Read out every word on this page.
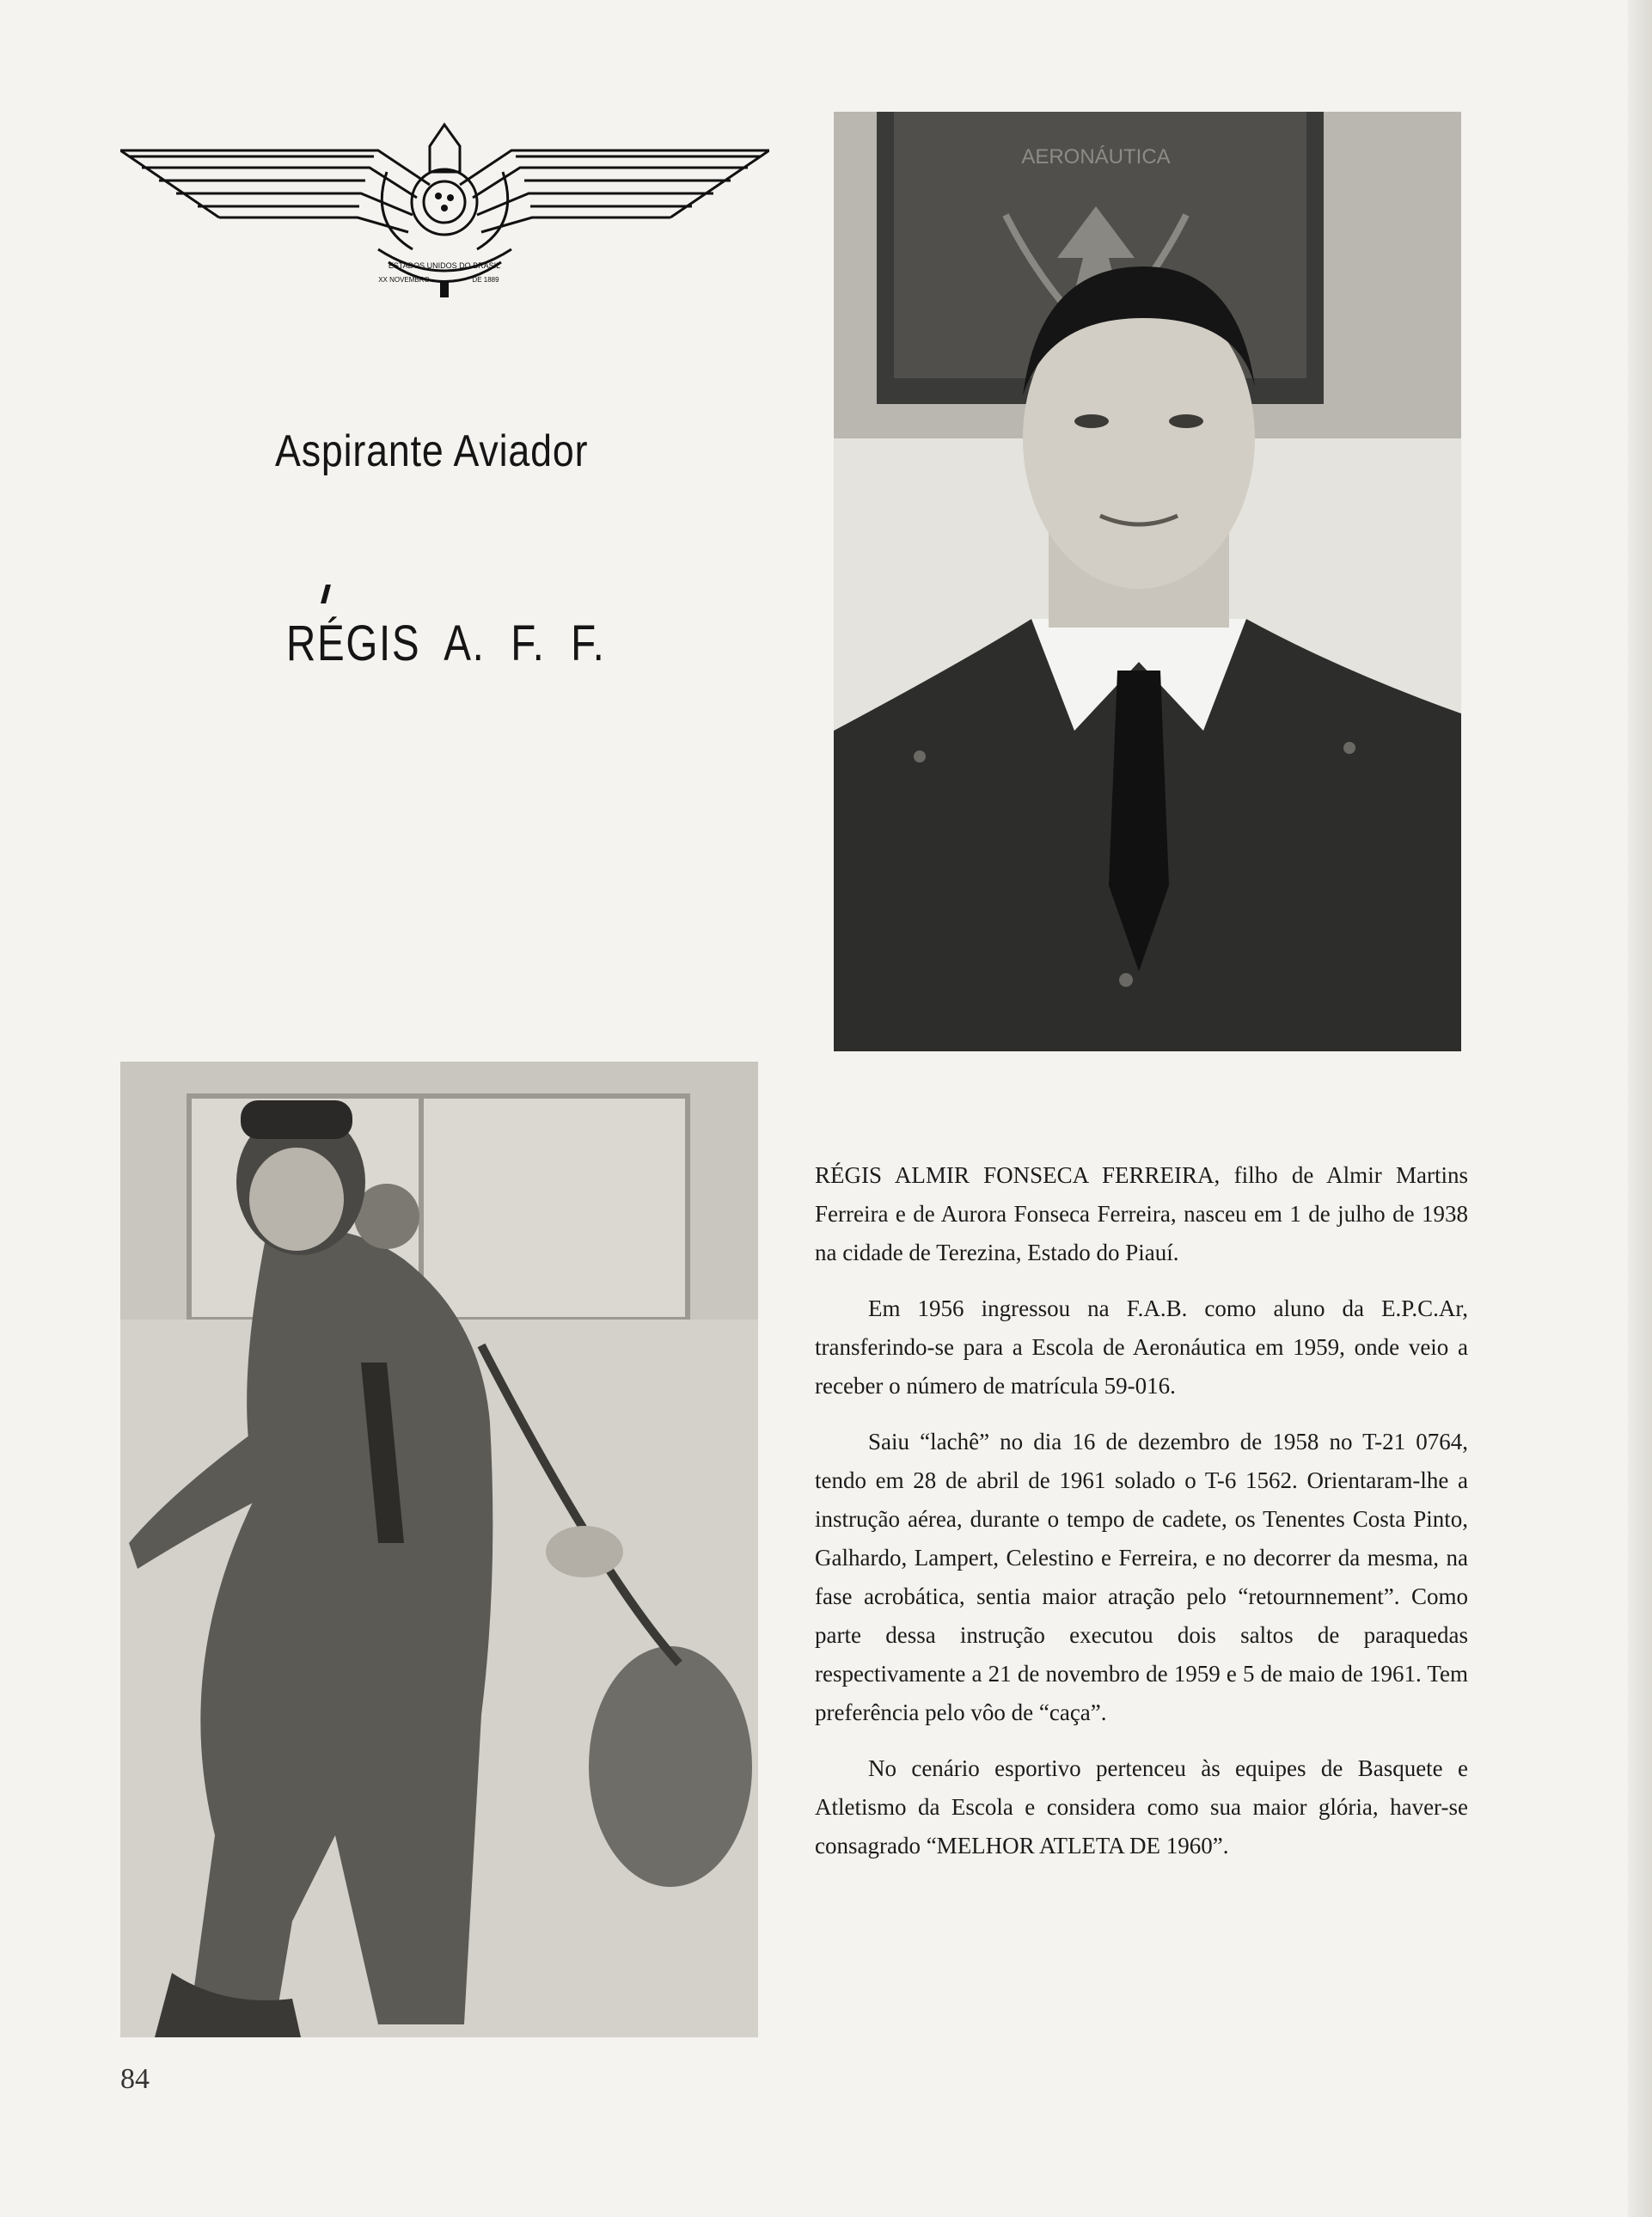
ESTADOS UNIDOS DO BRASIL
XX NOVEMBRO	DE 1889
Aspirante Aviador
RÉGIS  A.  F.  F.
AERONÁUTICA

RÉGIS ALMIR FONSECA FERREIRA, filho de Almir Martins Ferreira e de Aurora Fonseca Ferreira, nasceu em 1 de julho de 1938 na cidade de Terezina, Estado do Piauí.

Em 1956 ingressou na F.A.B. como aluno da E.P.C.Ar, transferindo-se para a Escola de Aeronáutica em 1959, onde veio a receber o número de matrícula 59-016.

Saiu “lachê” no dia 16 de dezembro de 1958 no T-21 0764, tendo em 28 de abril de 1961 solado o T-6 1562. Orientaram-lhe a instrução aérea, durante o tempo de cadete, os Tenentes Costa Pinto, Galhardo, Lampert, Celestino e Ferreira, e no decorrer da mesma, na fase acrobática, sentia maior atração pelo “retournnement”. Como parte dessa instrução executou dois saltos de paraquedas respectivamente a 21 de novembro de 1959 e 5 de maio de 1961. Tem preferência pelo vôo de “caça”.

No cenário esportivo pertenceu às equipes de Basquete e Atletismo da Escola e considera como sua maior glória, haver-se consagrado “MELHOR ATLETA DE 1960”.

84
